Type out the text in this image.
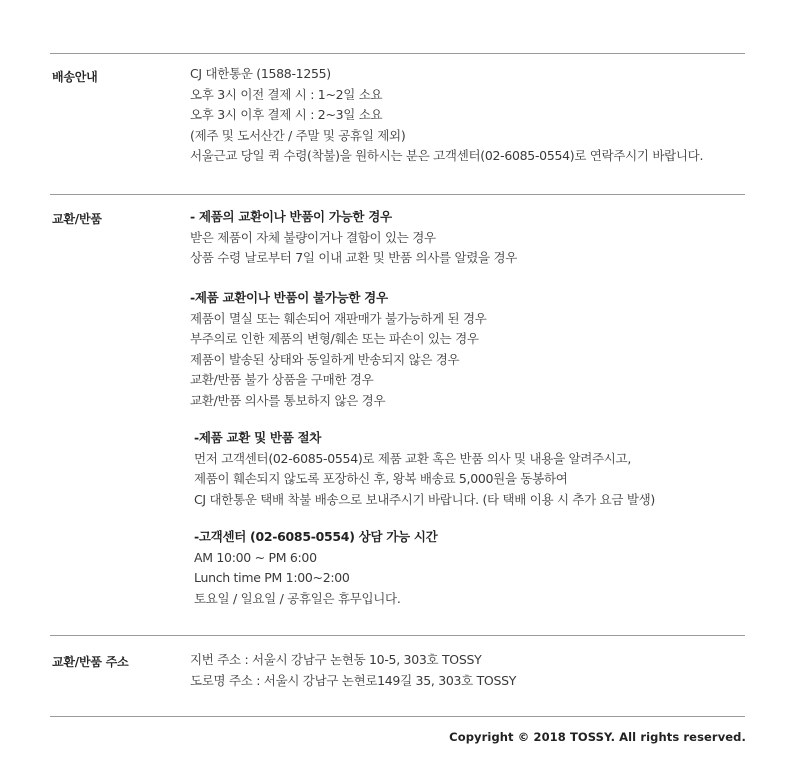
배송안내	CJ 대한통운 (1588-1255)
오후 3시 이전 결제 시 : 1~2일 소요
오후 3시 이후 결제 시 : 2~3일 소요
(제주 및 도서산간 / 주말 및 공휴일 제외)
서울근교 당일 퀵 수령(착불)을 원하시는 분은 고객센터(02-6085-0554)로 연락주시기 바랍니다.
교환/반품	- 제품의 교환이나 반품이 가능한 경우
받은 제품이 자체 불량이거나 결함이 있는 경우
상품 수령 날로부터 7일 이내 교환 및 반품 의사를 알렸을 경우
-제품 교환이나 반품이 불가능한 경우
제품이 멸실 또는 훼손되어 재판매가 불가능하게 된 경우
부주의로 인한 제품의 변형/훼손 또는 파손이 있는 경우
제품이 발송된 상태와 동일하게 반송되지 않은 경우
교환/반품 불가 상품을 구매한 경우
교환/반품 의사를 통보하지 않은 경우
-제품 교환 및 반품 절차
먼저 고객센터(02-6085-0554)로 제품 교환 혹은 반품 의사 및 내용을 알려주시고,
제품이 훼손되지 않도록 포장하신 후, 왕복 배송료 5,000원을 동봉하여
CJ 대한통운 택배 착불 배송으로 보내주시기 바랍니다. (타 택배 이용 시 추가 요금 발생)
-고객센터 (02-6085-0554) 상담 가능 시간
AM 10:00 ~ PM 6:00
Lunch time PM 1:00~2:00
토요일 / 일요일 / 공휴일은 휴무입니다.
교환/반품 주소	지번 주소 : 서울시 강남구 논현동 10-5, 303호 TOSSY
도로명 주소 : 서울시 강남구 논현로149길 35, 303호 TOSSY
Copyright © 2018 TOSSY. All rights reserved.
